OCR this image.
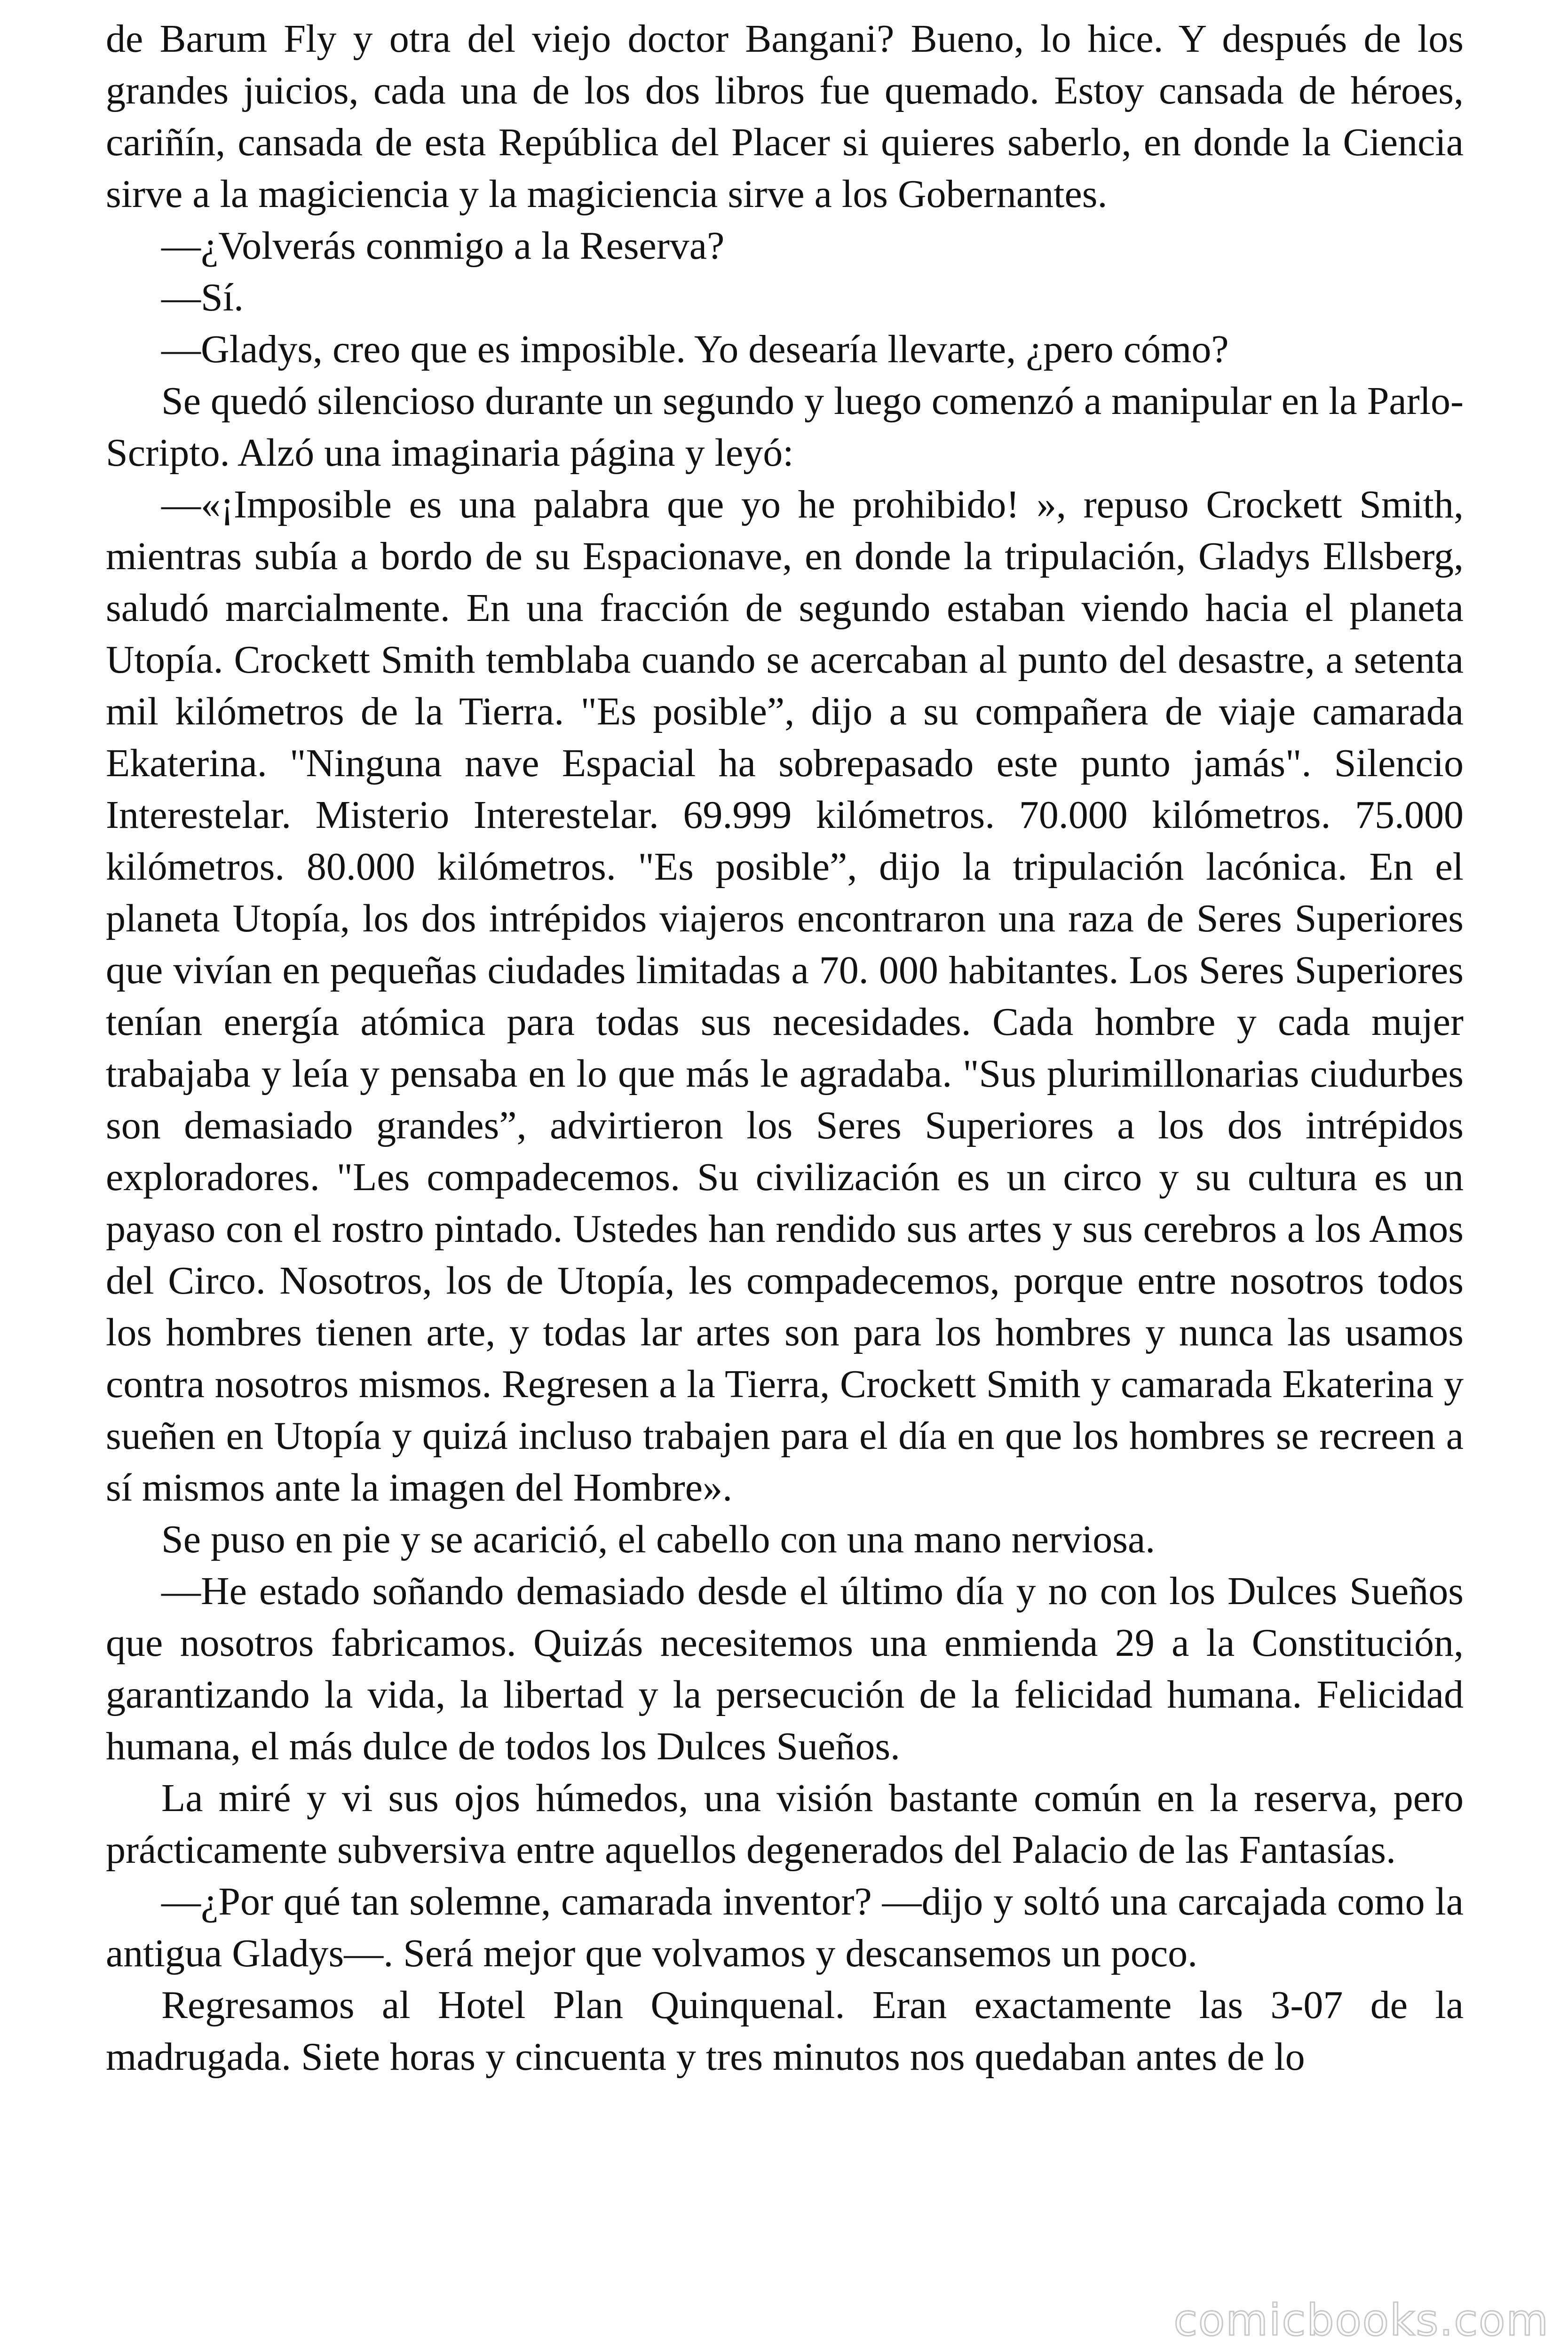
de Barum Fly y otra del viejo doctor Bangani? Bueno, lo hice. Y después de los grandes juicios, cada una de los dos libros fue quemado. Estoy cansada de héroes, cariñín, cansada de esta República del Placer si quieres saberlo, en donde la Ciencia sirve a la magiciencia y la magiciencia sirve a los Gobernantes.

—¿Volverás conmigo a la Reserva?

—Sí.

—Gladys, creo que es imposible. Yo desearía llevarte, ¿pero cómo?

Se quedó silencioso durante un segundo y luego comenzó a manipular en la Parlo-Scripto. Alzó una imaginaria página y leyó:

—«¡Imposible es una palabra que yo he prohibido! », repuso Crockett Smith, mientras subía a bordo de su Espacionave, en donde la tripulación, Gladys Ellsberg, saludó marcialmente. En una fracción de segundo estaban viendo hacia el planeta Utopía. Crockett Smith temblaba cuando se acercaban al punto del desastre, a setenta mil kilómetros de la Tierra. "Es posible”, dijo a su compañera de viaje camarada Ekaterina. "Ninguna nave Espacial ha sobrepasado este punto jamás". Silencio Interestelar. Misterio Interestelar. 69.999 kilómetros. 70.000 kilómetros. 75.000 kilómetros. 80.000 kilómetros. "Es posible”, dijo la tripulación lacónica. En el planeta Utopía, los dos intrépidos viajeros encontraron una raza de Seres Superiores que vivían en pequeñas ciudades limitadas a 70. 000 habitantes. Los Seres Superiores tenían energía atómica para todas sus necesidades. Cada hombre y cada mujer trabajaba y leía y pensaba en lo que más le agradaba. "Sus plurimillonarias ciudurbes son demasiado grandes”, advirtieron los Seres Superiores a los dos intrépidos exploradores. "Les compadecemos. Su civilización es un circo y su cultura es un payaso con el rostro pintado. Ustedes han rendido sus artes y sus cerebros a los Amos del Circo. Nosotros, los de Utopía, les compadecemos, porque entre nosotros todos los hombres tienen arte, y todas lar artes son para los hombres y nunca las usamos contra nosotros mismos. Regresen a la Tierra, Crockett Smith y camarada Ekaterina y sueñen en Utopía y quizá incluso trabajen para el día en que los hombres se recreen a sí mismos ante la imagen del Hombre».

Se puso en pie y se acarició, el cabello con una mano nerviosa.

—He estado soñando demasiado desde el último día y no con los Dulces Sueños que nosotros fabricamos. Quizás necesitemos una enmienda 29 a la Constitución, garantizando la vida, la libertad y la persecución de la felicidad humana. Felicidad humana, el más dulce de todos los Dulces Sueños.

La miré y vi sus ojos húmedos, una visión bastante común en la reserva, pero prácticamente subversiva entre aquellos degenerados del Palacio de las Fantasías.

—¿Por qué tan solemne, camarada inventor? —dijo y soltó una carcajada como la antigua Gladys—. Será mejor que volvamos y descansemos un poco.

Regresamos al Hotel Plan Quinquenal. Eran exactamente las 3-07 de la madrugada. Siete horas y cincuenta y tres minutos nos quedaban antes de lo

comicbooks.com
